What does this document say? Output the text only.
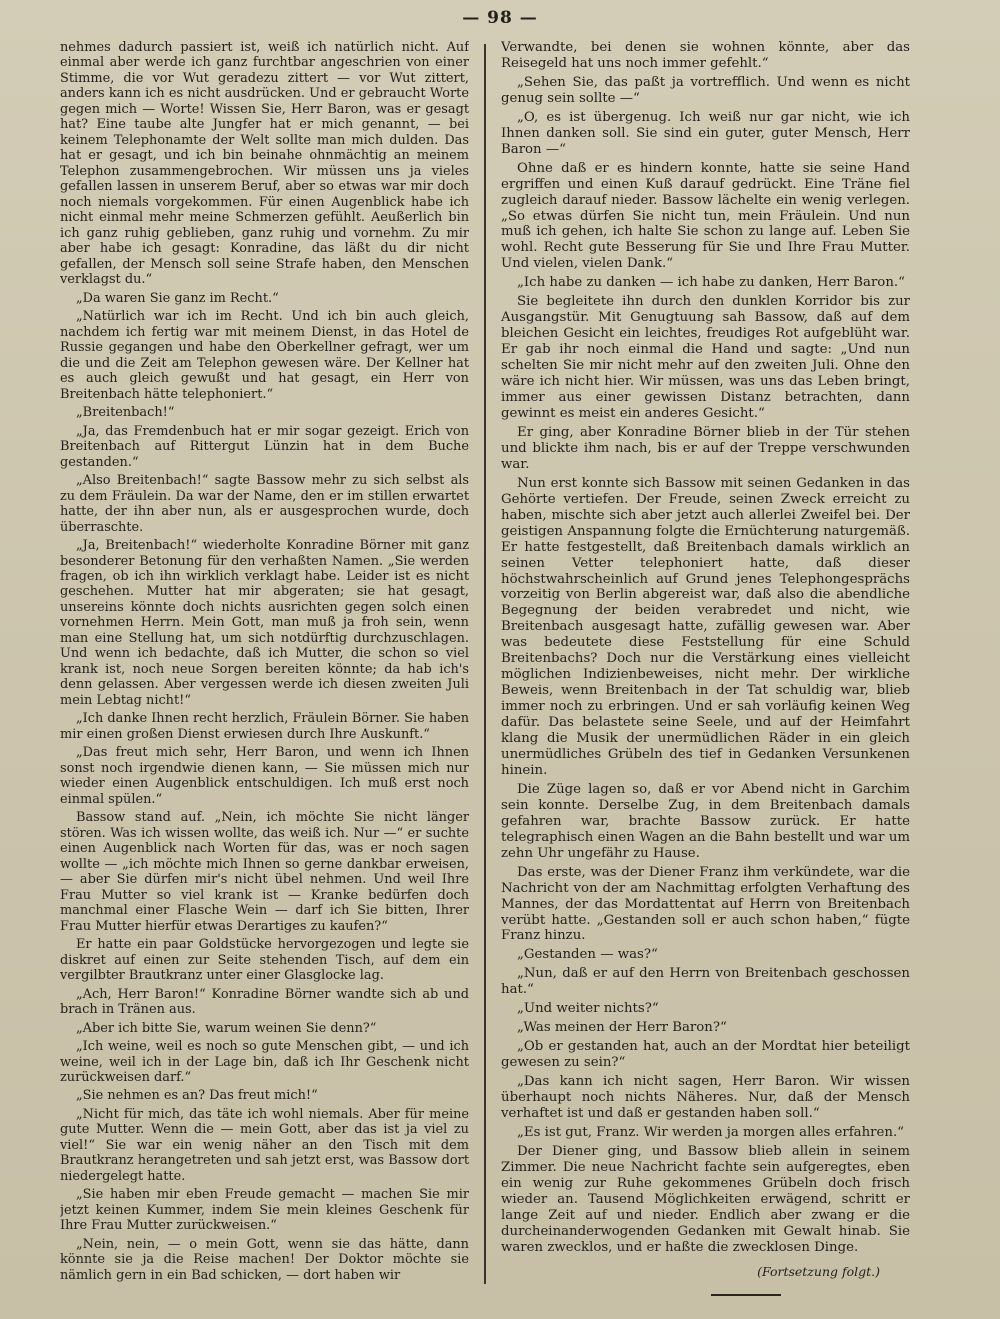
— 98 —

nehmes dadurch passiert ist, weiß ich natürlich nicht. Auf einmal aber werde ich ganz furchtbar angeschrien von einer Stimme, die vor Wut geradezu zittert — vor Wut zittert, anders kann ich es nicht ausdrücken. Und er gebraucht Worte gegen mich — Worte! Wissen Sie, Herr Baron, was er gesagt hat? Eine taube alte Jungfer hat er mich genannt, — bei keinem Telephonamte der Welt sollte man mich dulden. Das hat er gesagt, und ich bin beinahe ohnmächtig an meinem Telephon zusammengebrochen. Wir müssen uns ja vieles gefallen lassen in unserem Beruf, aber so etwas war mir doch noch niemals vorgekommen. Für einen Augenblick habe ich nicht einmal mehr meine Schmerzen gefühlt. Aeußerlich bin ich ganz ruhig geblieben, ganz ruhig und vornehm. Zu mir aber habe ich gesagt: Konradine, das läßt du dir nicht gefallen, der Mensch soll seine Strafe haben, den Menschen verklagst du.“

„Da waren Sie ganz im Recht.“

„Natürlich war ich im Recht. Und ich bin auch gleich, nachdem ich fertig war mit meinem Dienst, in das Hotel de Russie gegangen und habe den Oberkellner gefragt, wer um die und die Zeit am Telephon gewesen wäre. Der Kellner hat es auch gleich gewußt und hat gesagt, ein Herr von Breitenbach hätte telephoniert.“

„Breitenbach!“

„Ja, das Fremdenbuch hat er mir sogar gezeigt. Erich von Breitenbach auf Rittergut Lünzin hat in dem Buche gestanden.“

„Also Breitenbach!“ sagte Bassow mehr zu sich selbst als zu dem Fräulein. Da war der Name, den er im stillen erwartet hatte, der ihn aber nun, als er ausgesprochen wurde, doch überraschte.

„Ja, Breitenbach!“ wiederholte Konradine Börner mit ganz besonderer Betonung für den verhaßten Namen. „Sie werden fragen, ob ich ihn wirklich verklagt habe. Leider ist es nicht geschehen. Mutter hat mir abgeraten; sie hat gesagt, unsereins könnte doch nichts ausrichten gegen solch einen vornehmen Herrn. Mein Gott, man muß ja froh sein, wenn man eine Stellung hat, um sich notdürftig durchzuschlagen. Und wenn ich bedachte, daß ich Mutter, die schon so viel krank ist, noch neue Sorgen bereiten könnte; da hab ich's denn gelassen. Aber vergessen werde ich diesen zweiten Juli mein Lebtag nicht!“

„Ich danke Ihnen recht herzlich, Fräulein Börner. Sie haben mir einen großen Dienst erwiesen durch Ihre Auskunft.“

„Das freut mich sehr, Herr Baron, und wenn ich Ihnen sonst noch irgendwie dienen kann, — Sie müssen mich nur wieder einen Augenblick entschuldigen. Ich muß erst noch einmal spülen.“

Bassow stand auf. „Nein, ich möchte Sie nicht länger stören. Was ich wissen wollte, das weiß ich. Nur —“ er suchte einen Augenblick nach Worten für das, was er noch sagen wollte — „ich möchte mich Ihnen so gerne dankbar erweisen, — aber Sie dürfen mir's nicht übel nehmen. Und weil Ihre Frau Mutter so viel krank ist — Kranke bedürfen doch manchmal einer Flasche Wein — darf ich Sie bitten, Ihrer Frau Mutter hierfür etwas Derartiges zu kaufen?“

Er hatte ein paar Goldstücke hervorgezogen und legte sie diskret auf einen zur Seite stehenden Tisch, auf dem ein vergilbter Brautkranz unter einer Glasglocke lag.

„Ach, Herr Baron!“ Konradine Börner wandte sich ab und brach in Tränen aus.

„Aber ich bitte Sie, warum weinen Sie denn?“

„Ich weine, weil es noch so gute Menschen gibt, — und ich weine, weil ich in der Lage bin, daß ich Ihr Geschenk nicht zurückweisen darf.“

„Sie nehmen es an? Das freut mich!“

„Nicht für mich, das täte ich wohl niemals. Aber für meine gute Mutter. Wenn die — mein Gott, aber das ist ja viel zu viel!“ Sie war ein wenig näher an den Tisch mit dem Brautkranz herangetreten und sah jetzt erst, was Bassow dort niedergelegt hatte.

„Sie haben mir eben Freude gemacht — machen Sie mir jetzt keinen Kummer, indem Sie mein kleines Geschenk für Ihre Frau Mutter zurückweisen.“

„Nein, nein, — o mein Gott, wenn sie das hätte, dann könnte sie ja die Reise machen! Der Doktor möchte sie nämlich gern in ein Bad schicken, — dort haben wir

Verwandte, bei denen sie wohnen könnte, aber das Reisegeld hat uns noch immer gefehlt.“

„Sehen Sie, das paßt ja vortrefflich. Und wenn es nicht genug sein sollte —“

„O, es ist übergenug. Ich weiß nur gar nicht, wie ich Ihnen danken soll. Sie sind ein guter, guter Mensch, Herr Baron —“

Ohne daß er es hindern konnte, hatte sie seine Hand ergriffen und einen Kuß darauf gedrückt. Eine Träne fiel zugleich darauf nieder. Bassow lächelte ein wenig verlegen. „So etwas dürfen Sie nicht tun, mein Fräulein. Und nun muß ich gehen, ich halte Sie schon zu lange auf. Leben Sie wohl. Recht gute Besserung für Sie und Ihre Frau Mutter. Und vielen, vielen Dank.“

„Ich habe zu danken — ich habe zu danken, Herr Baron.“

Sie begleitete ihn durch den dunklen Korridor bis zur Ausgangstür. Mit Genugtuung sah Bassow, daß auf dem bleichen Gesicht ein leichtes, freudiges Rot aufgeblüht war. Er gab ihr noch einmal die Hand und sagte: „Und nun schelten Sie mir nicht mehr auf den zweiten Juli. Ohne den wäre ich nicht hier. Wir müssen, was uns das Leben bringt, immer aus einer gewissen Distanz betrachten, dann gewinnt es meist ein anderes Gesicht.“

Er ging, aber Konradine Börner blieb in der Tür stehen und blickte ihm nach, bis er auf der Treppe verschwunden war.

Nun erst konnte sich Bassow mit seinen Gedanken in das Gehörte vertiefen. Der Freude, seinen Zweck erreicht zu haben, mischte sich aber jetzt auch allerlei Zweifel bei. Der geistigen Anspannung folgte die Ernüchterung naturgemäß. Er hatte festgestellt, daß Breitenbach damals wirklich an seinen Vetter telephoniert hatte, daß dieser höchstwahrscheinlich auf Grund jenes Telephongesprächs vorzeitig von Berlin abgereist war, daß also die abendliche Begegnung der beiden verabredet und nicht, wie Breitenbach ausgesagt hatte, zufällig gewesen war. Aber was bedeutete diese Feststellung für eine Schuld Breitenbachs? Doch nur die Verstärkung eines vielleicht möglichen Indizienbeweises, nicht mehr. Der wirkliche Beweis, wenn Breitenbach in der Tat schuldig war, blieb immer noch zu erbringen. Und er sah vorläufig keinen Weg dafür. Das belastete seine Seele, und auf der Heimfahrt klang die Musik der unermüdlichen Räder in ein gleich unermüdliches Grübeln des tief in Gedanken Versunkenen hinein.

Die Züge lagen so, daß er vor Abend nicht in Garchim sein konnte. Derselbe Zug, in dem Breitenbach damals gefahren war, brachte Bassow zurück. Er hatte telegraphisch einen Wagen an die Bahn bestellt und war um zehn Uhr ungefähr zu Hause.

Das erste, was der Diener Franz ihm verkündete, war die Nachricht von der am Nachmittag erfolgten Verhaftung des Mannes, der das Mordattentat auf Herrn von Breitenbach verübt hatte. „Gestanden soll er auch schon haben,“ fügte Franz hinzu.

„Gestanden — was?“

„Nun, daß er auf den Herrn von Breitenbach geschossen hat.“

„Und weiter nichts?“

„Was meinen der Herr Baron?“

„Ob er gestanden hat, auch an der Mordtat hier beteiligt gewesen zu sein?“

„Das kann ich nicht sagen, Herr Baron. Wir wissen überhaupt noch nichts Näheres. Nur, daß der Mensch verhaftet ist und daß er gestanden haben soll.“

„Es ist gut, Franz. Wir werden ja morgen alles erfahren.“

Der Diener ging, und Bassow blieb allein in seinem Zimmer. Die neue Nachricht fachte sein aufgeregtes, eben ein wenig zur Ruhe gekommenes Grübeln doch frisch wieder an. Tausend Möglichkeiten erwägend, schritt er lange Zeit auf und nieder. Endlich aber zwang er die durcheinanderwogenden Gedanken mit Gewalt hinab. Sie waren zwecklos, und er haßte die zwecklosen Dinge.

(Fortsetzung folgt.)
